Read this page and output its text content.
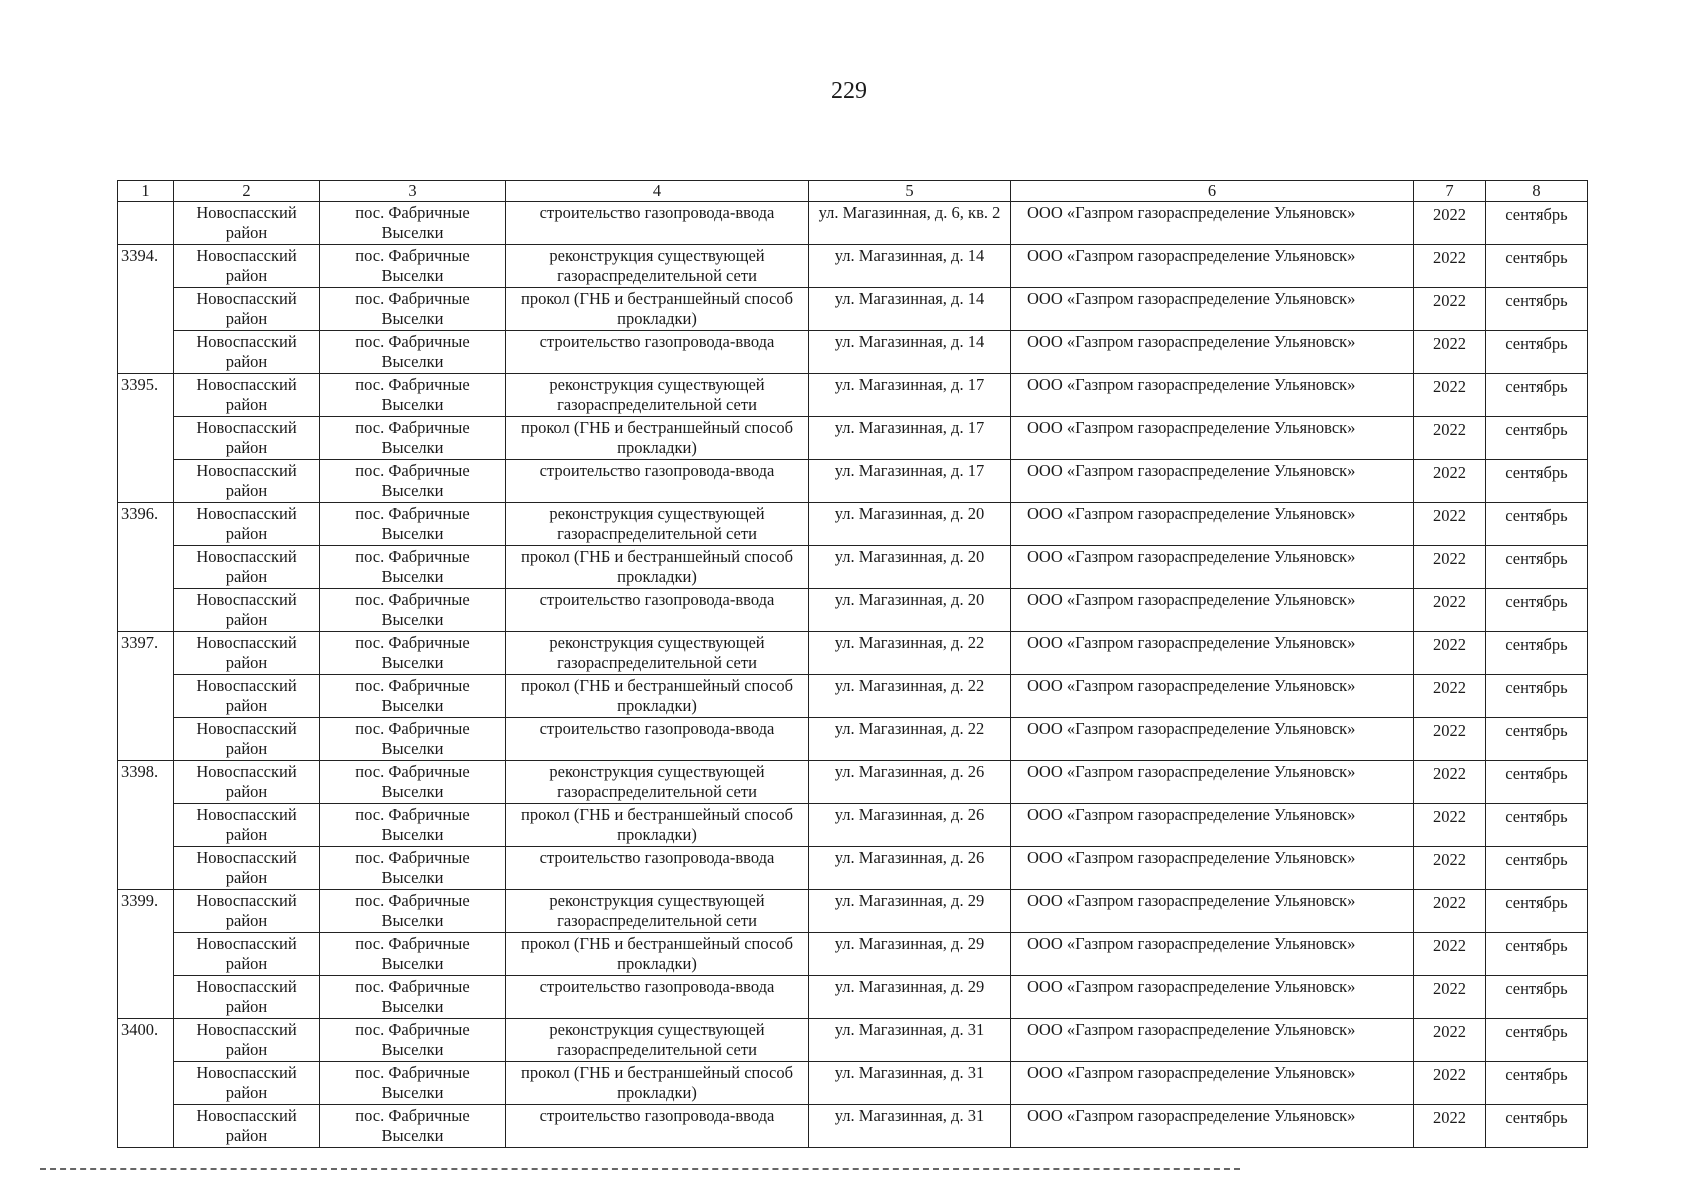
229
1	2	3	4	5	6	7	8
	Новоспасский район	пос. Фабричные Выселки	строительство газопровода-ввода	ул. Магазинная, д. 6, кв. 2	ООО «Газпром газораспределение Ульяновск»	2022	сентябрь
3394.	Новоспасский район	пос. Фабричные Выселки	реконструкция существующей газораспределительной сети	ул. Магазинная, д. 14	ООО «Газпром газораспределение Ульяновск»	2022	сентябрь
	Новоспасский район	пос. Фабричные Выселки	прокол (ГНБ и бестраншейный способ прокладки)	ул. Магазинная, д. 14	ООО «Газпром газораспределение Ульяновск»	2022	сентябрь
	Новоспасский район	пос. Фабричные Выселки	строительство газопровода-ввода	ул. Магазинная, д. 14	ООО «Газпром газораспределение Ульяновск»	2022	сентябрь
3395.	Новоспасский район	пос. Фабричные Выселки	реконструкция существующей газораспределительной сети	ул. Магазинная, д. 17	ООО «Газпром газораспределение Ульяновск»	2022	сентябрь
	Новоспасский район	пос. Фабричные Выселки	прокол (ГНБ и бестраншейный способ прокладки)	ул. Магазинная, д. 17	ООО «Газпром газораспределение Ульяновск»	2022	сентябрь
	Новоспасский район	пос. Фабричные Выселки	строительство газопровода-ввода	ул. Магазинная, д. 17	ООО «Газпром газораспределение Ульяновск»	2022	сентябрь
3396.	Новоспасский район	пос. Фабричные Выселки	реконструкция существующей газораспределительной сети	ул. Магазинная, д. 20	ООО «Газпром газораспределение Ульяновск»	2022	сентябрь
	Новоспасский район	пос. Фабричные Выселки	прокол (ГНБ и бестраншейный способ прокладки)	ул. Магазинная, д. 20	ООО «Газпром газораспределение Ульяновск»	2022	сентябрь
	Новоспасский район	пос. Фабричные Выселки	строительство газопровода-ввода	ул. Магазинная, д. 20	ООО «Газпром газораспределение Ульяновск»	2022	сентябрь
3397.	Новоспасский район	пос. Фабричные Выселки	реконструкция существующей газораспределительной сети	ул. Магазинная, д. 22	ООО «Газпром газораспределение Ульяновск»	2022	сентябрь
	Новоспасский район	пос. Фабричные Выселки	прокол (ГНБ и бестраншейный способ прокладки)	ул. Магазинная, д. 22	ООО «Газпром газораспределение Ульяновск»	2022	сентябрь
	Новоспасский район	пос. Фабричные Выселки	строительство газопровода-ввода	ул. Магазинная, д. 22	ООО «Газпром газораспределение Ульяновск»	2022	сентябрь
3398.	Новоспасский район	пос. Фабричные Выселки	реконструкция существующей газораспределительной сети	ул. Магазинная, д. 26	ООО «Газпром газораспределение Ульяновск»	2022	сентябрь
	Новоспасский район	пос. Фабричные Выселки	прокол (ГНБ и бестраншейный способ прокладки)	ул. Магазинная, д. 26	ООО «Газпром газораспределение Ульяновск»	2022	сентябрь
	Новоспасский район	пос. Фабричные Выселки	строительство газопровода-ввода	ул. Магазинная, д. 26	ООО «Газпром газораспределение Ульяновск»	2022	сентябрь
3399.	Новоспасский район	пос. Фабричные Выселки	реконструкция существующей газораспределительной сети	ул. Магазинная, д. 29	ООО «Газпром газораспределение Ульяновск»	2022	сентябрь
	Новоспасский район	пос. Фабричные Выселки	прокол (ГНБ и бестраншейный способ прокладки)	ул. Магазинная, д. 29	ООО «Газпром газораспределение Ульяновск»	2022	сентябрь
	Новоспасский район	пос. Фабричные Выселки	строительство газопровода-ввода	ул. Магазинная, д. 29	ООО «Газпром газораспределение Ульяновск»	2022	сентябрь
3400.	Новоспасский район	пос. Фабричные Выселки	реконструкция существующей газораспределительной сети	ул. Магазинная, д. 31	ООО «Газпром газораспределение Ульяновск»	2022	сентябрь
	Новоспасский район	пос. Фабричные Выселки	прокол (ГНБ и бестраншейный способ прокладки)	ул. Магазинная, д. 31	ООО «Газпром газораспределение Ульяновск»	2022	сентябрь
	Новоспасский район	пос. Фабричные Выселки	строительство газопровода-ввода	ул. Магазинная, д. 31	ООО «Газпром газораспределение Ульяновск»	2022	сентябрь
